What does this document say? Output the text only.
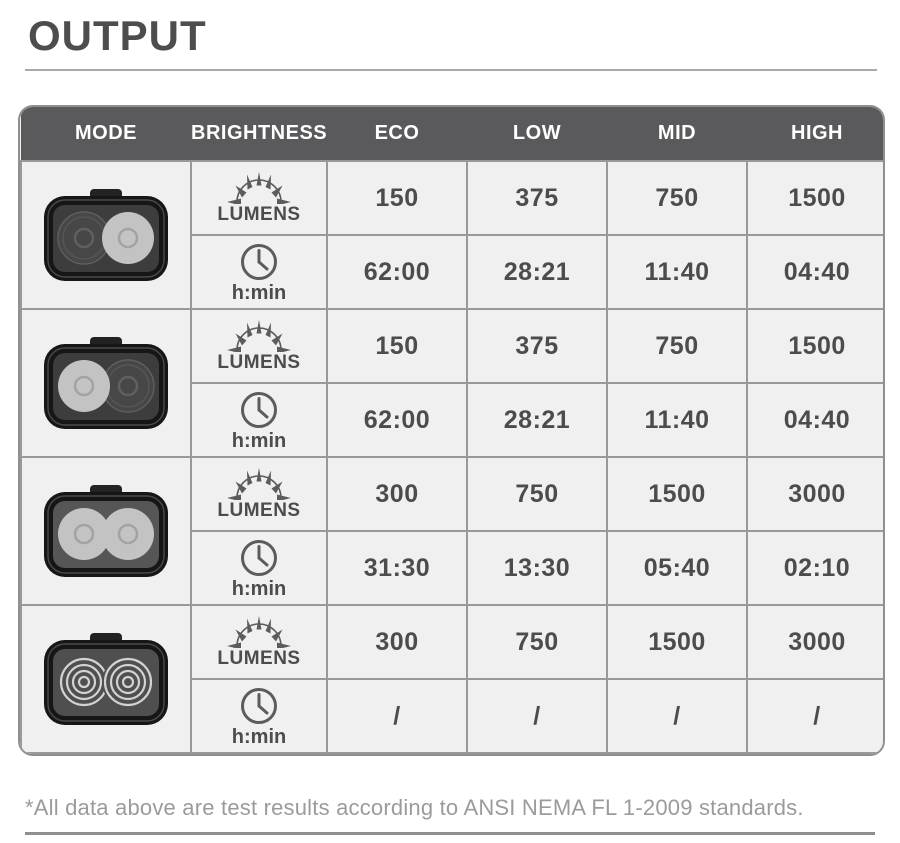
OUTPUT
MODE	BRIGHTNESS	ECO	LOW	MID	HIGH

LUMENS	150	375	750	1500

	h:min	62:00	28:21	11:40	04:40

LUMENS	150	375	750	1500

	h:min	62:00	28:21	11:40	04:40

LUMENS	300	750	1500	3000

	h:min	31:30	13:30	05:40	02:10

LUMENS	300	750	1500	3000

	h:min	/	/	/	/
*All data above are test results according to ANSI NEMA FL 1-2009 standards.
